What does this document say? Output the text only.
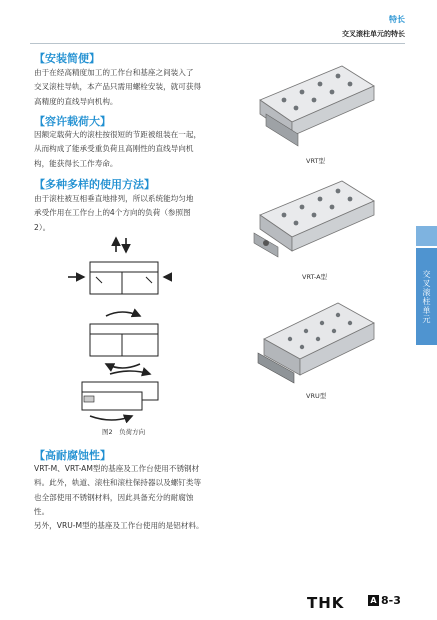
特长
交叉滚柱单元的特长
【安装简便】
由于在经高精度加工的工作台和基座之间装入了
交叉滚柱导轨，本产品只需用螺栓安装，就可获得
高精度的直线导向机构。
【容许载荷大】
因额定载荷大的滚柱按很短的节距被组装在一起，
从而构成了能承受重负荷且高刚性的直线导向机
构，能获得长工作寿命。
【多种多样的使用方法】
由于滚柱被互相垂直地排列，所以系统能均匀地
承受作用在工作台上的4个方向的负荷（参照图
2）。
图2　负荷方向
【高耐腐蚀性】
VRT-M、VRT-AM型的基座及工作台使用不锈钢材
料。此外，轨道、滚柱和滚柱保持器以及螺钉类等
也全部使用不锈钢材料，因此具备充分的耐腐蚀
性。
另外，VRU-M型的基座及工作台使用的是铝材料。
VRT型
VRT-A型
VRU型
交叉滚柱单元
THK	A 8-3
